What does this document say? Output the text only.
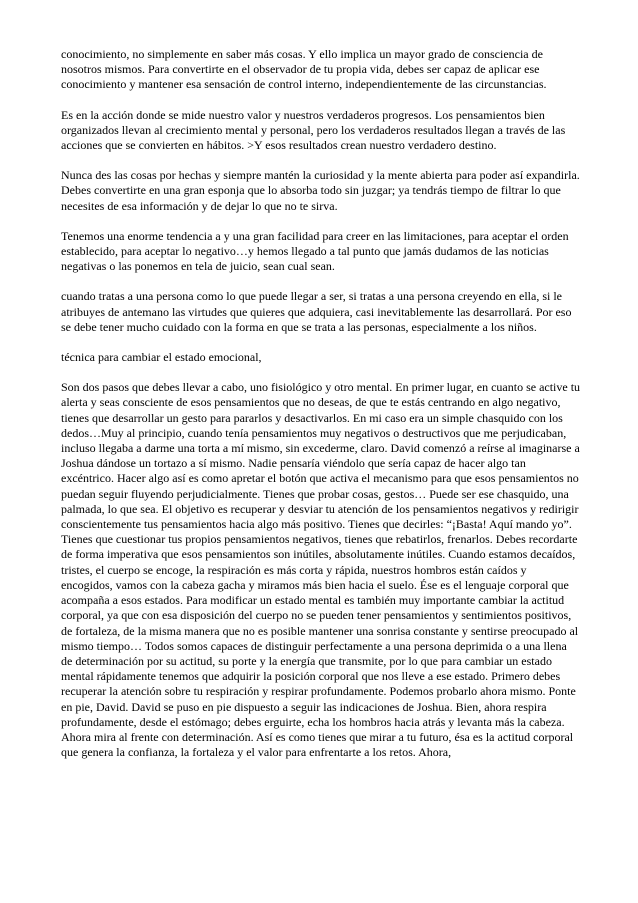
conocimiento, no simplemente en saber más cosas. Y ello implica un mayor grado de consciencia de nosotros mismos. Para convertirte en el observador de tu propia vida, debes ser capaz de aplicar ese conocimiento y mantener esa sensación de control interno, independientemente de las circunstancias.

Es en la acción donde se mide nuestro valor y nuestros verdaderos progresos. Los pensamientos bien organizados llevan al crecimiento mental y personal, pero los verdaderos resultados llegan a través de las acciones que se convierten en hábitos. >Y esos resultados crean nuestro verdadero destino.

Nunca des las cosas por hechas y siempre mantén la curiosidad y la mente abierta para poder así expandirla. Debes convertirte en una gran esponja que lo absorba todo sin juzgar; ya tendrás tiempo de filtrar lo que necesites de esa información y de dejar lo que no te sirva.

Tenemos una enorme tendencia a y una gran facilidad para creer en las limitaciones, para aceptar el orden establecido, para aceptar lo negativo…y hemos llegado a tal punto que jamás dudamos de las noticias negativas o las ponemos en tela de juicio, sean cual sean.

cuando tratas a una persona como lo que puede llegar a ser, si tratas a una persona creyendo en ella, si le atribuyes de antemano las virtudes que quieres que adquiera, casi inevitablemente las desarrollará. Por eso se debe tener mucho cuidado con la forma en que se trata a las personas, especialmente a los niños.

técnica para cambiar el estado emocional,

Son dos pasos que debes llevar a cabo, uno fisiológico y otro mental. En primer lugar, en cuanto se active tu alerta y seas consciente de esos pensamientos que no deseas, de que te estás centrando en algo negativo, tienes que desarrollar un gesto para pararlos y desactivarlos. En mi caso era un simple chasquido con los dedos…Muy al principio, cuando tenía pensamientos muy negativos o destructivos que me perjudicaban, incluso llegaba a darme una torta a mí mismo, sin excederme, claro. David comenzó a reírse al imaginarse a Joshua dándose un tortazo a sí mismo. Nadie pensaría viéndolo que sería capaz de hacer algo tan excéntrico. Hacer algo así es como apretar el botón que activa el mecanismo para que esos pensamientos no puedan seguir fluyendo perjudicialmente. Tienes que probar cosas, gestos… Puede ser ese chasquido, una palmada, lo que sea. El objetivo es recuperar y desviar tu atención de los pensamientos negativos y redirigir conscientemente tus pensamientos hacia algo más positivo. Tienes que decirles: “¡Basta! Aquí mando yo”. Tienes que cuestionar tus propios pensamientos negativos, tienes que rebatirlos, frenarlos. Debes recordarte de forma imperativa que esos pensamientos son inútiles, absolutamente inútiles. Cuando estamos decaídos, tristes, el cuerpo se encoge, la respiración es más corta y rápida, nuestros hombros están caídos y encogidos, vamos con la cabeza gacha y miramos más bien hacia el suelo. Ése es el lenguaje corporal que acompaña a esos estados. Para modificar un estado mental es también muy importante cambiar la actitud corporal, ya que con esa disposición del cuerpo no se pueden tener pensamientos y sentimientos positivos, de fortaleza, de la misma manera que no es posible mantener una sonrisa constante y sentirse preocupado al mismo tiempo… Todos somos capaces de distinguir perfectamente a una persona deprimida o a una llena de determinación por su actitud, su porte y la energía que transmite, por lo que para cambiar un estado mental rápidamente tenemos que adquirir la posición corporal que nos lleve a ese estado. Primero debes recuperar la atención sobre tu respiración y respirar profundamente. Podemos probarlo ahora mismo. Ponte en pie, David. David se puso en pie dispuesto a seguir las indicaciones de Joshua. Bien, ahora respira profundamente, desde el estómago; debes erguirte, echa los hombros hacia atrás y levanta más la cabeza. Ahora mira al frente con determinación. Así es como tienes que mirar a tu futuro, ésa es la actitud corporal que genera la confianza, la fortaleza y el valor para enfrentarte a los retos. Ahora,
